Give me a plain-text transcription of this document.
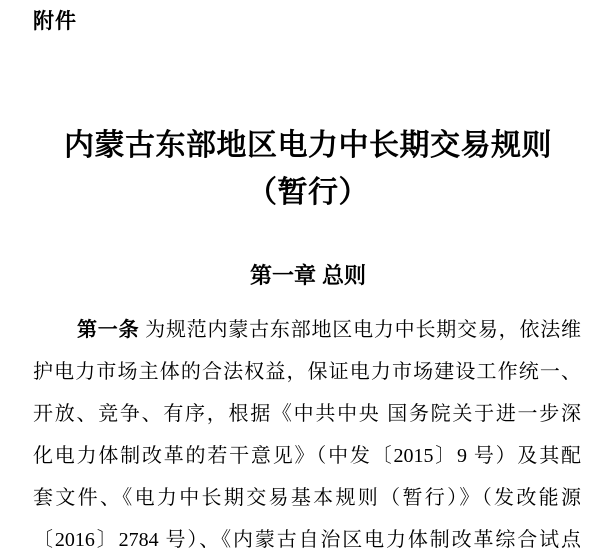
附件
内蒙古东部地区电力中长期交易规则
（暂行）
第一章 总则
第一条 为规范内蒙古东部地区电力中长期交易，依法维
护电力市场主体的合法权益，保证电力市场建设工作统一、
开放、竞争、有序，根据《中共中央 国务院关于进一步深
化电力体制改革的若干意见》（中发〔2015〕9 号）及其配
套文件、《电力中长期交易基本规则（暂行）》（发改能源
〔2016〕2784 号）、《内蒙古自治区电力体制改革综合试点
